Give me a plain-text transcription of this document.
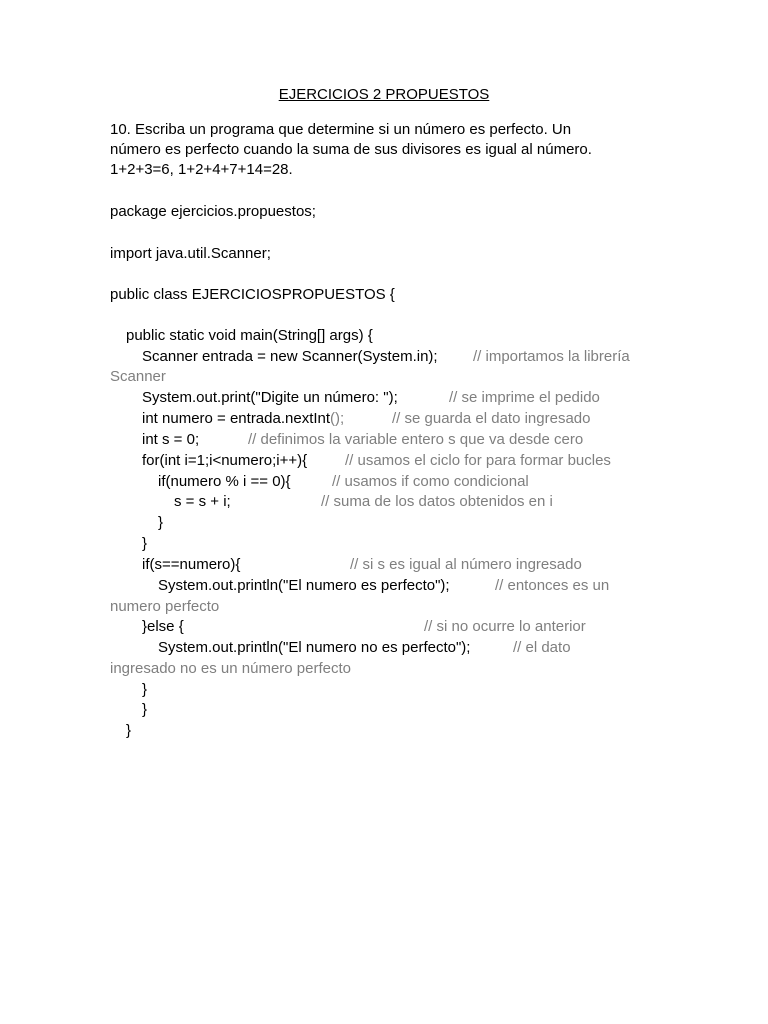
EJERCICIOS 2 PROPUESTOS
10. Escriba un programa que determine si un número es perfecto. Un
número es perfecto cuando la suma de sus divisores es igual al número.
1+2+3=6, 1+2+4+7+14=28.
package ejercicios.propuestos;
import java.util.Scanner;
public class EJERCICIOSPROPUESTOS {
public static void main(String[] args) {
Scanner entrada = new Scanner(System.in); // importamos la librería
Scanner
System.out.print("Digite un número: ");	// se imprime el pedido
int numero = entrada.nextInt();	// se guarda el dato ingresado
int s = 0;	// definimos la variable entero s que va desde cero
for(int i=1;i<numero;i++){	// usamos el ciclo for para formar bucles
if(numero % i == 0){	// usamos if como condicional
s = s + i;	// suma de los datos obtenidos en i
}
}
if(s==numero){	// si s es igual al número ingresado
System.out.println("El numero es perfecto");	// entonces es un
numero perfecto
}else {	// si no ocurre lo anterior
System.out.println("El numero no es perfecto");	// el dato
ingresado no es un número perfecto
}
}
}
